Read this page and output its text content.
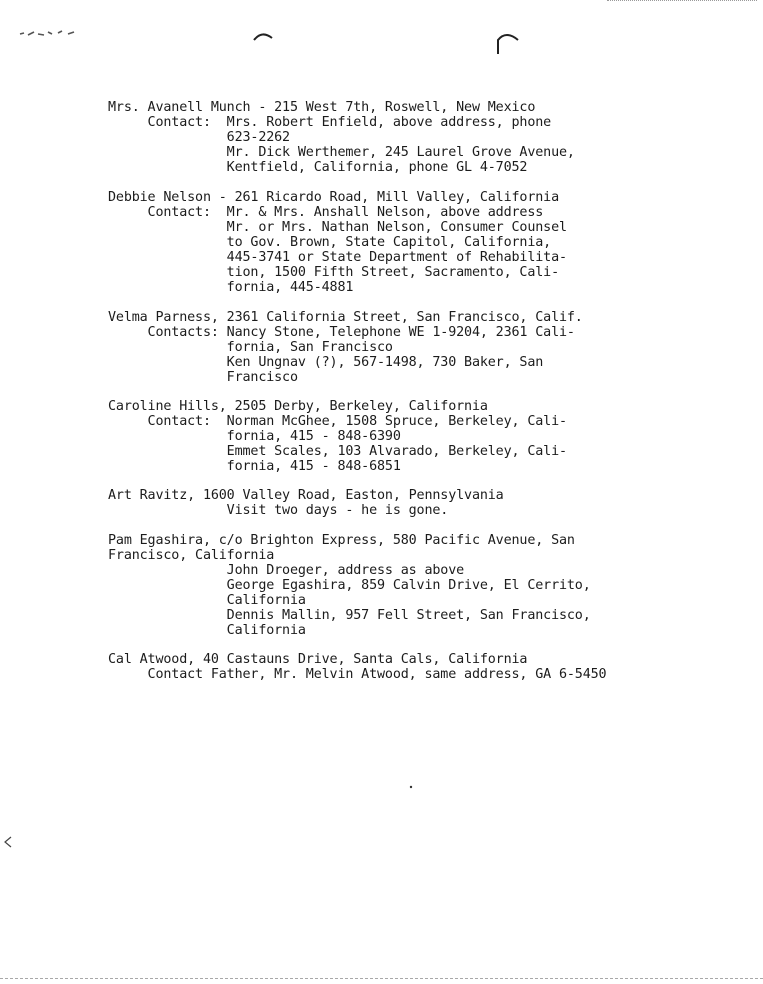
Mrs. Avanell Munch - 215 West 7th, Roswell, New Mexico
Contact:  Mrs. Robert Enfield, above address, phone
623-2262
Mr. Dick Werthemer, 245 Laurel Grove Avenue,
Kentfield, California, phone GL 4-7052
Debbie Nelson - 261 Ricardo Road, Mill Valley, California
Contact:  Mr. & Mrs. Anshall Nelson, above address
Mr. or Mrs. Nathan Nelson, Consumer Counsel
to Gov. Brown, State Capitol, California,
445-3741 or State Department of Rehabilita-
tion, 1500 Fifth Street, Sacramento, Cali-
fornia, 445-4881
Velma Parness, 2361 California Street, San Francisco, Calif.
Contacts: Nancy Stone, Telephone WE 1-9204, 2361 Cali-
fornia, San Francisco
Ken Ungnav (?), 567-1498, 730 Baker, San
Francisco
Caroline Hills, 2505 Derby, Berkeley, California
Contact:  Norman McGhee, 1508 Spruce, Berkeley, Cali-
fornia, 415 - 848-6390
Emmet Scales, 103 Alvarado, Berkeley, Cali-
fornia, 415 - 848-6851
Art Ravitz, 1600 Valley Road, Easton, Pennsylvania
Visit two days - he is gone.
Pam Egashira, c/o Brighton Express, 580 Pacific Avenue, San
Francisco, California
John Droeger, address as above
George Egashira, 859 Calvin Drive, El Cerrito,
California
Dennis Mallin, 957 Fell Street, San Francisco,
California
Cal Atwood, 40 Castauns Drive, Santa Cals, California
Contact Father, Mr. Melvin Atwood, same address, GA 6-5450
